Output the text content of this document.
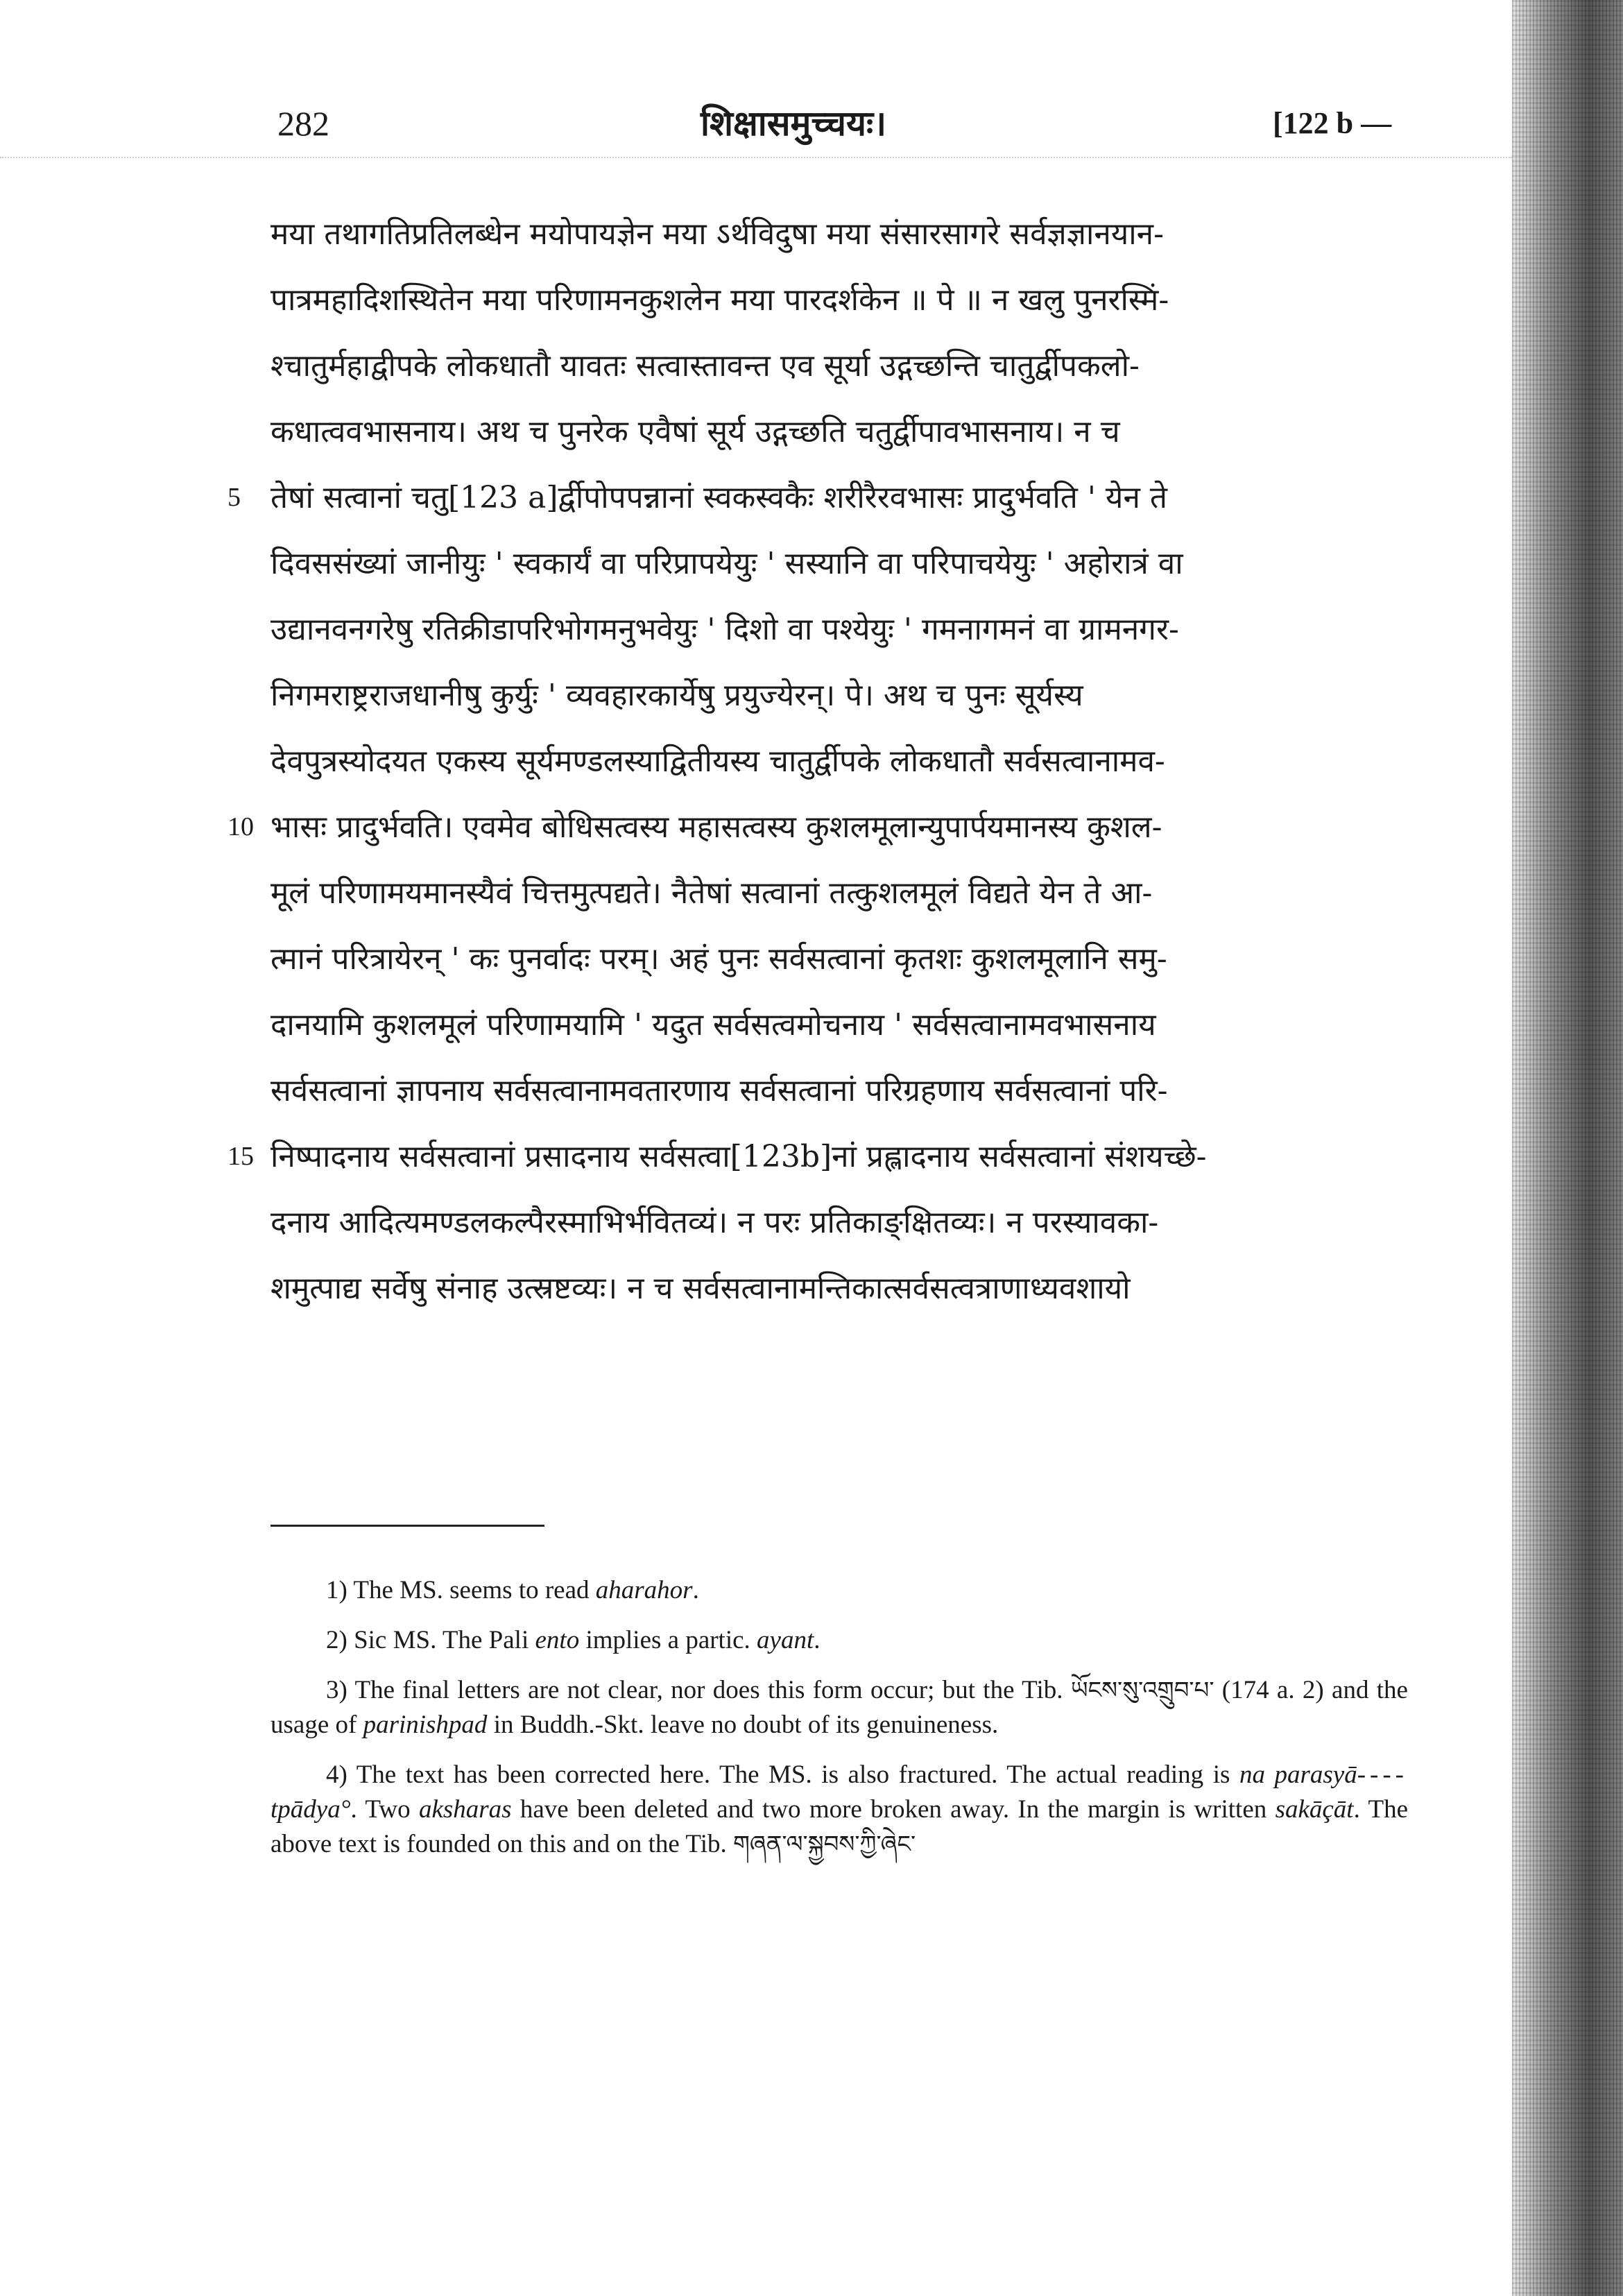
282	शिक्षासमुच्चयः।	[122 b —
मया तथागतिप्रतिलब्धेन मयोपायज्ञेन मया ऽर्थविदुषा मया संसारसागरे सर्वज्ञज्ञानयान-
पात्रमहादिशस्थितेन मया परिणामनकुशलेन मया पारदर्शकेन ॥ पे ॥ न खलु पुनरस्मिं-
श्चातुर्महाद्वीपके लोकधातौ यावतः सत्वास्तावन्त एव सूर्या उद्गच्छन्ति चातुर्द्वीपकलो-
कधात्ववभासनाय। अथ च पुनरेक एवैषां सूर्य उद्गच्छति चतुर्द्वीपावभासनाय। न च
5 तेषां सत्वानां चतु[123 a]र्द्वीपोपपन्नानां स्वकस्वकैः शरीरैरवभासः प्रादुर्भवति ' येन ते
दिवससंख्यां जानीयुः ' स्वकार्यं वा परिप्रापयेयुः ' सस्यानि वा परिपाचयेयुः ' अहोरात्रं वा
उद्यानवनगरेषु रतिक्रीडापरिभोगमनुभवेयुः ' दिशो वा पश्येयुः ' गमनागमनं वा ग्रामनगर-
निगमराष्ट्रराजधानीषु कुर्युः ' व्यवहारकार्येषु प्रयुज्येरन्। पे। अथ च पुनः सूर्यस्य
देवपुत्रस्योदयत एकस्य सूर्यमण्डलस्याद्वितीयस्य चातुर्द्वीपके लोकधातौ सर्वसत्वानामव-
10 भासः प्रादुर्भवति। एवमेव बोधिसत्वस्य महासत्वस्य कुशलमूलान्युपार्पयमानस्य कुशल-
मूलं परिणामयमानस्यैवं चित्तमुत्पद्यते। नैतेषां सत्वानां तत्कुशलमूलं विद्यते येन ते आ-
त्मानं परित्रायेरन् ' कः पुनर्वादः परम्। अहं पुनः सर्वसत्वानां कृतशः कुशलमूलानि समु-
दानयामि कुशलमूलं परिणामयामि ' यदुत सर्वसत्वमोचनाय ' सर्वसत्वानामवभासनाय
सर्वसत्वानां ज्ञापनाय सर्वसत्वानामवतारणाय सर्वसत्वानां परिग्रहणाय सर्वसत्वानां परि-
15 निष्पादनाय सर्वसत्वानां प्रसादनाय सर्वसत्वा[123b]नां प्रह्लादनाय सर्वसत्वानां संशयच्छे-
दनाय आदित्यमण्डलकल्पैरस्माभिर्भवितव्यं। न परः प्रतिकाङ्क्षितव्यः। न परस्यावका-
शमुत्पाद्य सर्वेषु संनाह उत्स्रष्टव्यः। न च सर्वसत्वानामन्तिकात्सर्वसत्वत्राणाध्यवशायो

1) The MS. seems to read aharahor.

2) Sic MS. The Pali ento implies a partic. ayant.

3) The final letters are not clear, nor does this form occur; but the Tib. ཡོངས་སུ་འགྲུབ་པ་ (174 a. 2) and the usage of parinishpad in Buddh.-Skt. leave no doubt of its genuineness.

4) The text has been corrected here. The MS. is also fractured. The actual reading is na parasyā----tpādya°. Two aksharas have been deleted and two more broken away. In the margin is written sakāçāt. The above text is founded on this and on the Tib. གཞན་ལ་སྐྱབས་ཀྱི་ཞེང་
